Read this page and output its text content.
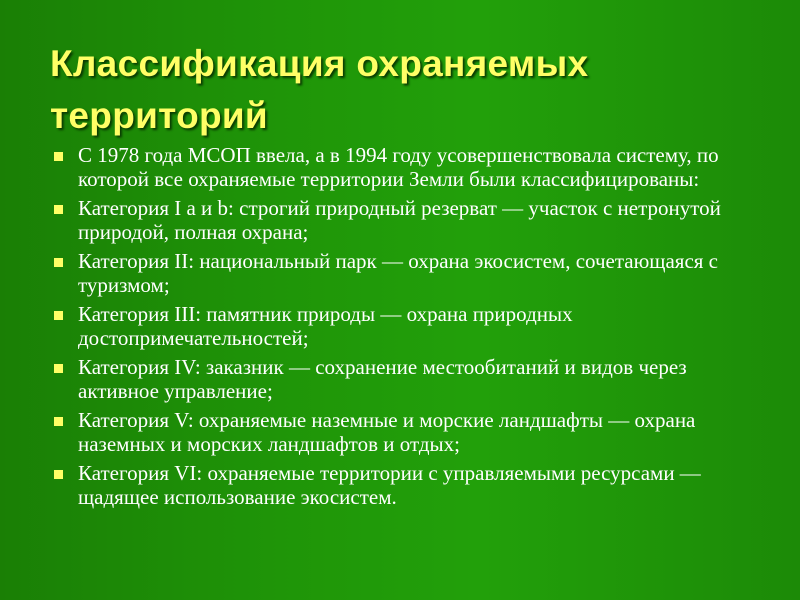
Классификация охраняемых территорий
С 1978 года МСОП ввела, а в 1994 году усовершенствовала систему, по которой все охраняемые территории Земли были классифицированы:
Категория I a и b: строгий природный резерват — участок с нетронутой природой, полная охрана;
Категория II: национальный парк — охрана экосистем, сочетающаяся с туризмом;
Категория III: памятник природы — охрана природных достопримечательностей;
Категория IV: заказник — сохранение местообитаний и видов через активное управление;
Категория V: охраняемые наземные и морские ландшафты — охрана наземных и морских ландшафтов и отдых;
Категория VI: охраняемые территории с управляемыми ресурсами — щадящее использование экосистем.
